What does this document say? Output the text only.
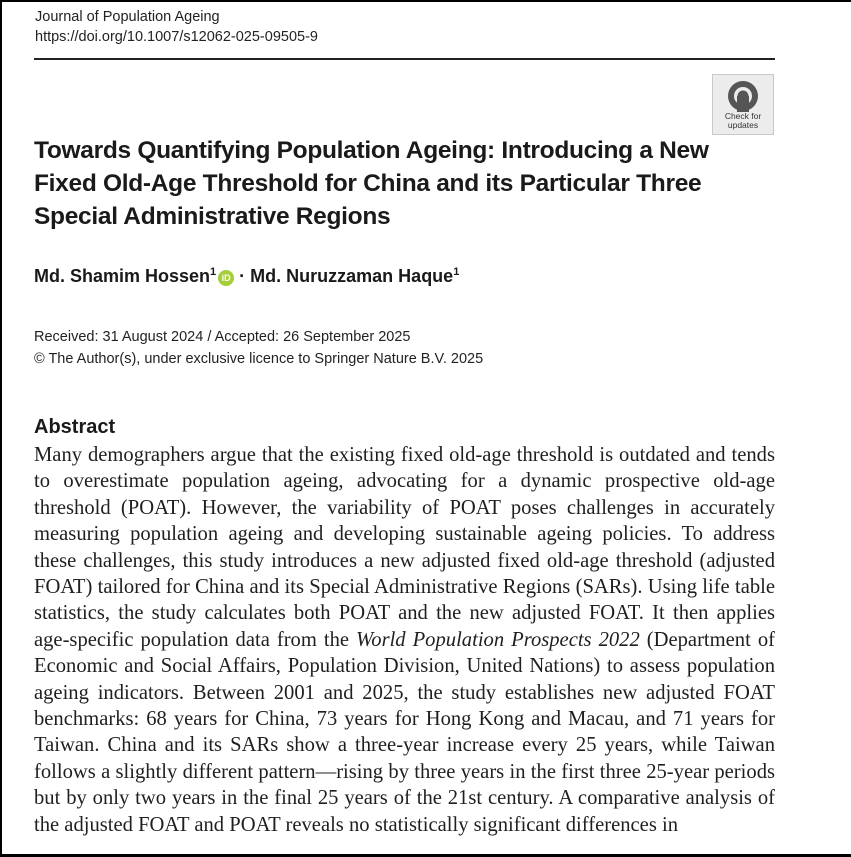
Journal of Population Ageing
https://doi.org/10.1007/s12062-025-09505-9
Check for
updates
Towards Quantifying Population Ageing: Introducing a New Fixed Old-Age Threshold for China and its Particular Three Special Administrative Regions
Md. Shamim Hossen$^1$ iD · Md. Nuruzzaman Haque$^1$
Received: 31 August 2024 / Accepted: 26 September 2025
© The Author(s), under exclusive licence to Springer Nature B.V. 2025
Abstract
Many demographers argue that the existing fixed old-age threshold is outdated and tends to overestimate population ageing, advocating for a dynamic prospective old-age threshold (POAT). However, the variability of POAT poses challenges in accurately measuring population ageing and developing sustainable ageing policies. To address these challenges, this study introduces a new adjusted fixed old-age threshold (adjusted FOAT) tailored for China and its Special Administrative Regions (SARs). Using life table statistics, the study calculates both POAT and the new adjusted FOAT. It then applies age-specific population data from the World Population Prospects 2022 (Department of Economic and Social Affairs, Population Division, United Nations) to assess population ageing indicators. Between 2001 and 2025, the study establishes new adjusted FOAT benchmarks: 68 years for China, 73 years for Hong Kong and Macau, and 71 years for Taiwan. China and its SARs show a three-year increase every 25 years, while Taiwan follows a slightly different pattern—rising by three years in the first three 25-year periods but by only two years in the final 25 years of the 21st century. A comparative analysis of the adjusted FOAT and POAT reveals no statistically significant differences in
